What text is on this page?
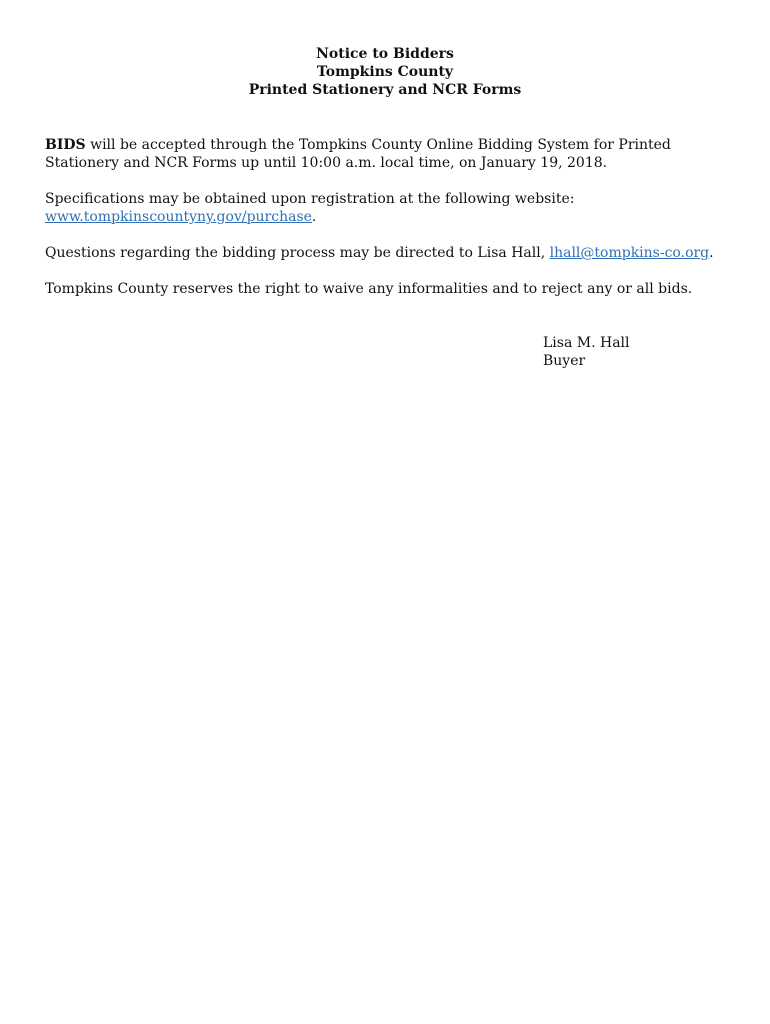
Notice to Bidders
Tompkins County
Printed Stationery and NCR Forms
BIDS will be accepted through the Tompkins County Online Bidding System for Printed Stationery and NCR Forms up until 10:00 a.m. local time, on January 19, 2018.
Specifications may be obtained upon registration at the following website:
www.tompkinscountyny.gov/purchase.
Questions regarding the bidding process may be directed to Lisa Hall, lhall@tompkins-co.org.
Tompkins County reserves the right to waive any informalities and to reject any or all bids.
Lisa M. Hall
Buyer
